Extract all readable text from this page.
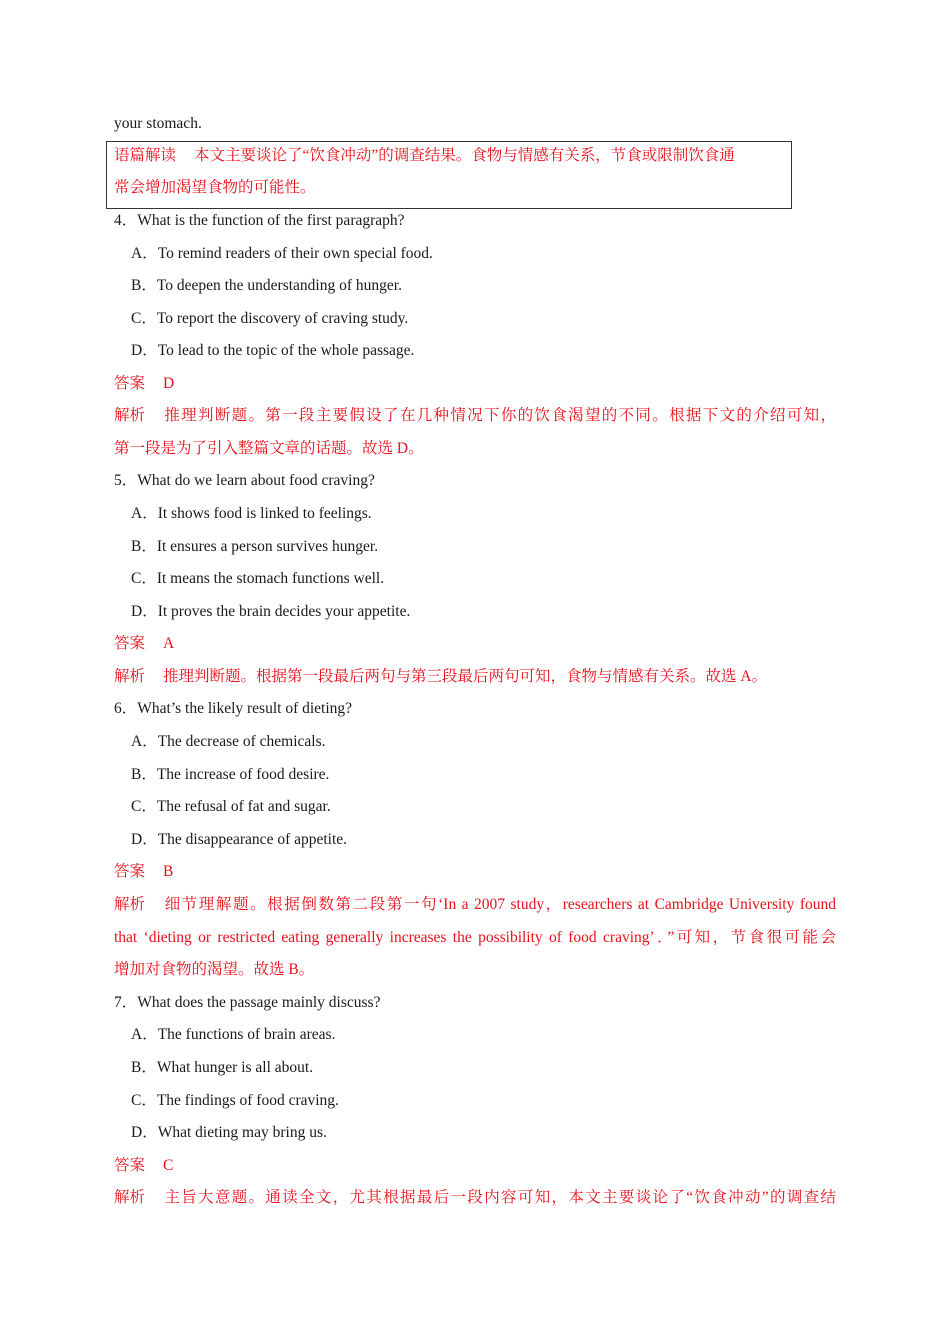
your stomach.
语篇解读 本文主要谈论了“饮食冲动”的调查结果。食物与情感有关系，节食或限制饮食通
常会增加渴望食物的可能性。
4．What is the function of the first paragraph?
A．To remind readers of their own special food.
B．To deepen the understanding of hunger.
C．To report the discovery of craving study.
D．To lead to the topic of the whole passage.
答案 D
解析 推理判断题。第一段主要假设了在几种情况下你的饮食渴望的不同。根据下文的介绍可知，
第一段是为了引入整篇文章的话题。故选 D。
5．What do we learn about food craving?
A．It shows food is linked to feelings.
B．It ensures a person survives hunger.
C．It means the stomach functions well.
D．It proves the brain decides your appetite.
答案 A
解析 推理判断题。根据第一段最后两句与第三段最后两句可知，食物与情感有关系。故选 A。
6．What’s the likely result of dieting?
A．The decrease of chemicals.
B．The increase of food desire.
C．The refusal of fat and sugar.
D．The disappearance of appetite.
答案 B
解析 细节理解题。根据倒数第二段第一句‘In a 2007 study，researchers at Cambridge University found
that ‘dieting or restricted eating generally increases the possibility of food craving’．”可知，节食很可能会
增加对食物的渴望。故选 B。
7．What does the passage mainly discuss?
A．The functions of brain areas.
B．What hunger is all about.
C．The findings of food craving.
D．What dieting may bring us.
答案 C
解析 主旨大意题。通读全文，尤其根据最后一段内容可知，本文主要谈论了“饮食冲动”的调查结
